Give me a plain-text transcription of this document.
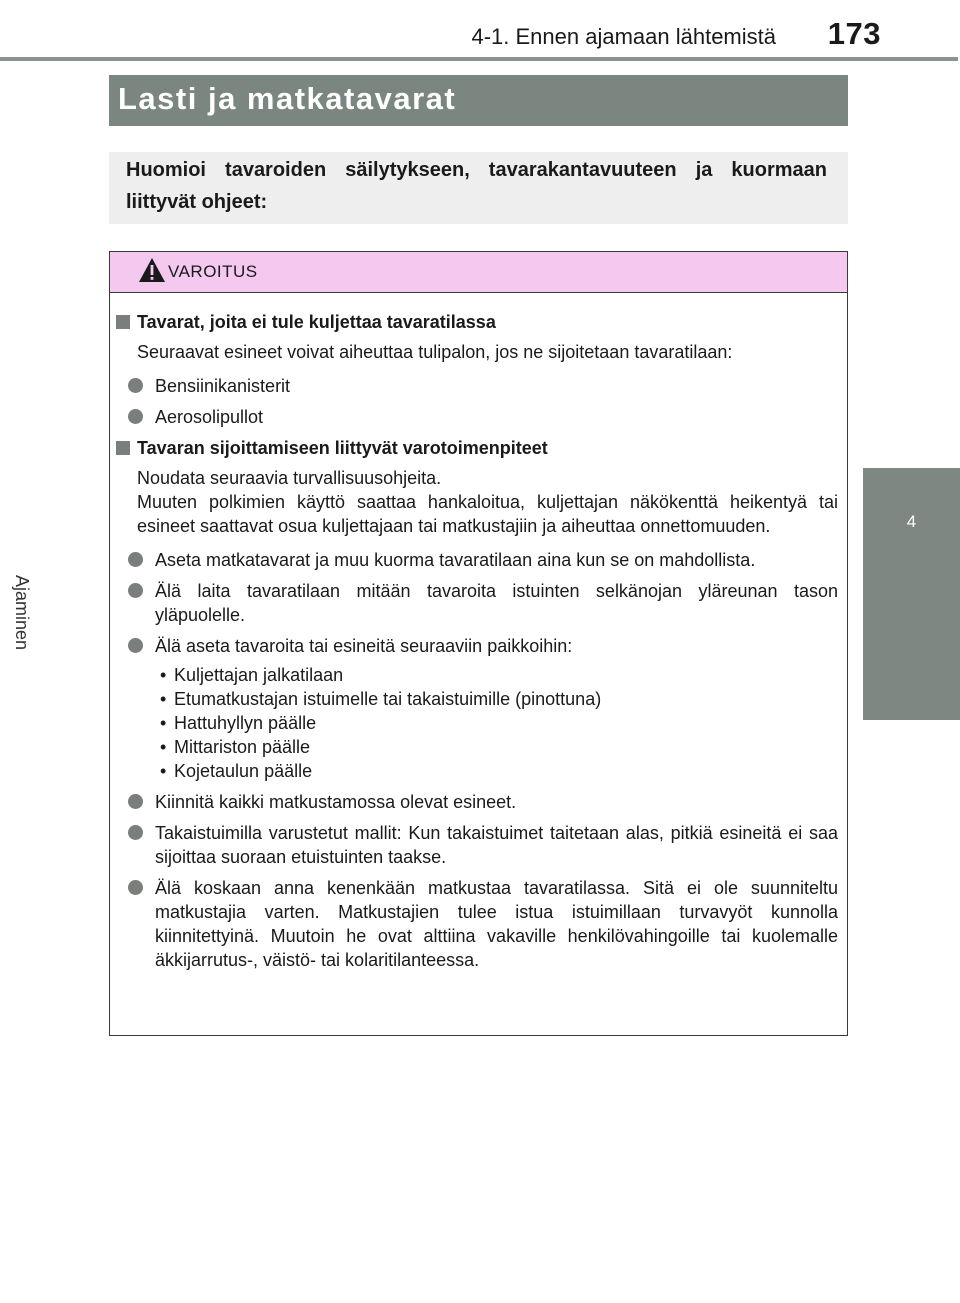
4-1. Ennen ajamaan lähtemistä 173
4
Ajaminen
Lasti ja matkatavarat
Huomioi tavaroiden säilytykseen, tavarakantavuuteen ja kuormaan liittyvät ohjeet:
VAROITUS
Tavarat, joita ei tule kuljettaa tavaratilassa
Seuraavat esineet voivat aiheuttaa tulipalon, jos ne sijoitetaan tavaratilaan:
Bensiinikanisterit
Aerosolipullot
Tavaran sijoittamiseen liittyvät varotoimenpiteet
Noudata seuraavia turvallisuusohjeita.
Muuten polkimien käyttö saattaa hankaloitua, kuljettajan näkökenttä heikentyä tai esineet saattavat osua kuljettajaan tai matkustajiin ja aiheuttaa onnettomuuden.
Aseta matkatavarat ja muu kuorma tavaratilaan aina kun se on mahdollista.
Älä laita tavaratilaan mitään tavaroita istuinten selkänojan yläreunan tason yläpuolelle.
Älä aseta tavaroita tai esineitä seuraaviin paikkoihin:
• Kuljettajan jalkatilaan
• Etumatkustajan istuimelle tai takaistuimille (pinottuna)
• Hattuhyllyn päälle
• Mittariston päälle
• Kojetaulun päälle
Kiinnitä kaikki matkustamossa olevat esineet.
Takaistuimilla varustetut mallit: Kun takaistuimet taitetaan alas, pitkiä esineitä ei saa sijoittaa suoraan etuistuinten taakse.
Älä koskaan anna kenenkään matkustaa tavaratilassa. Sitä ei ole suunniteltu matkustajia varten. Matkustajien tulee istua istuimillaan turvavyöt kunnolla kiinnitettyinä. Muutoin he ovat alttiina vakaville henkilövahingoille tai kuolemalle äkkijarrutus-, väistö- tai kolaritilanteessa.
